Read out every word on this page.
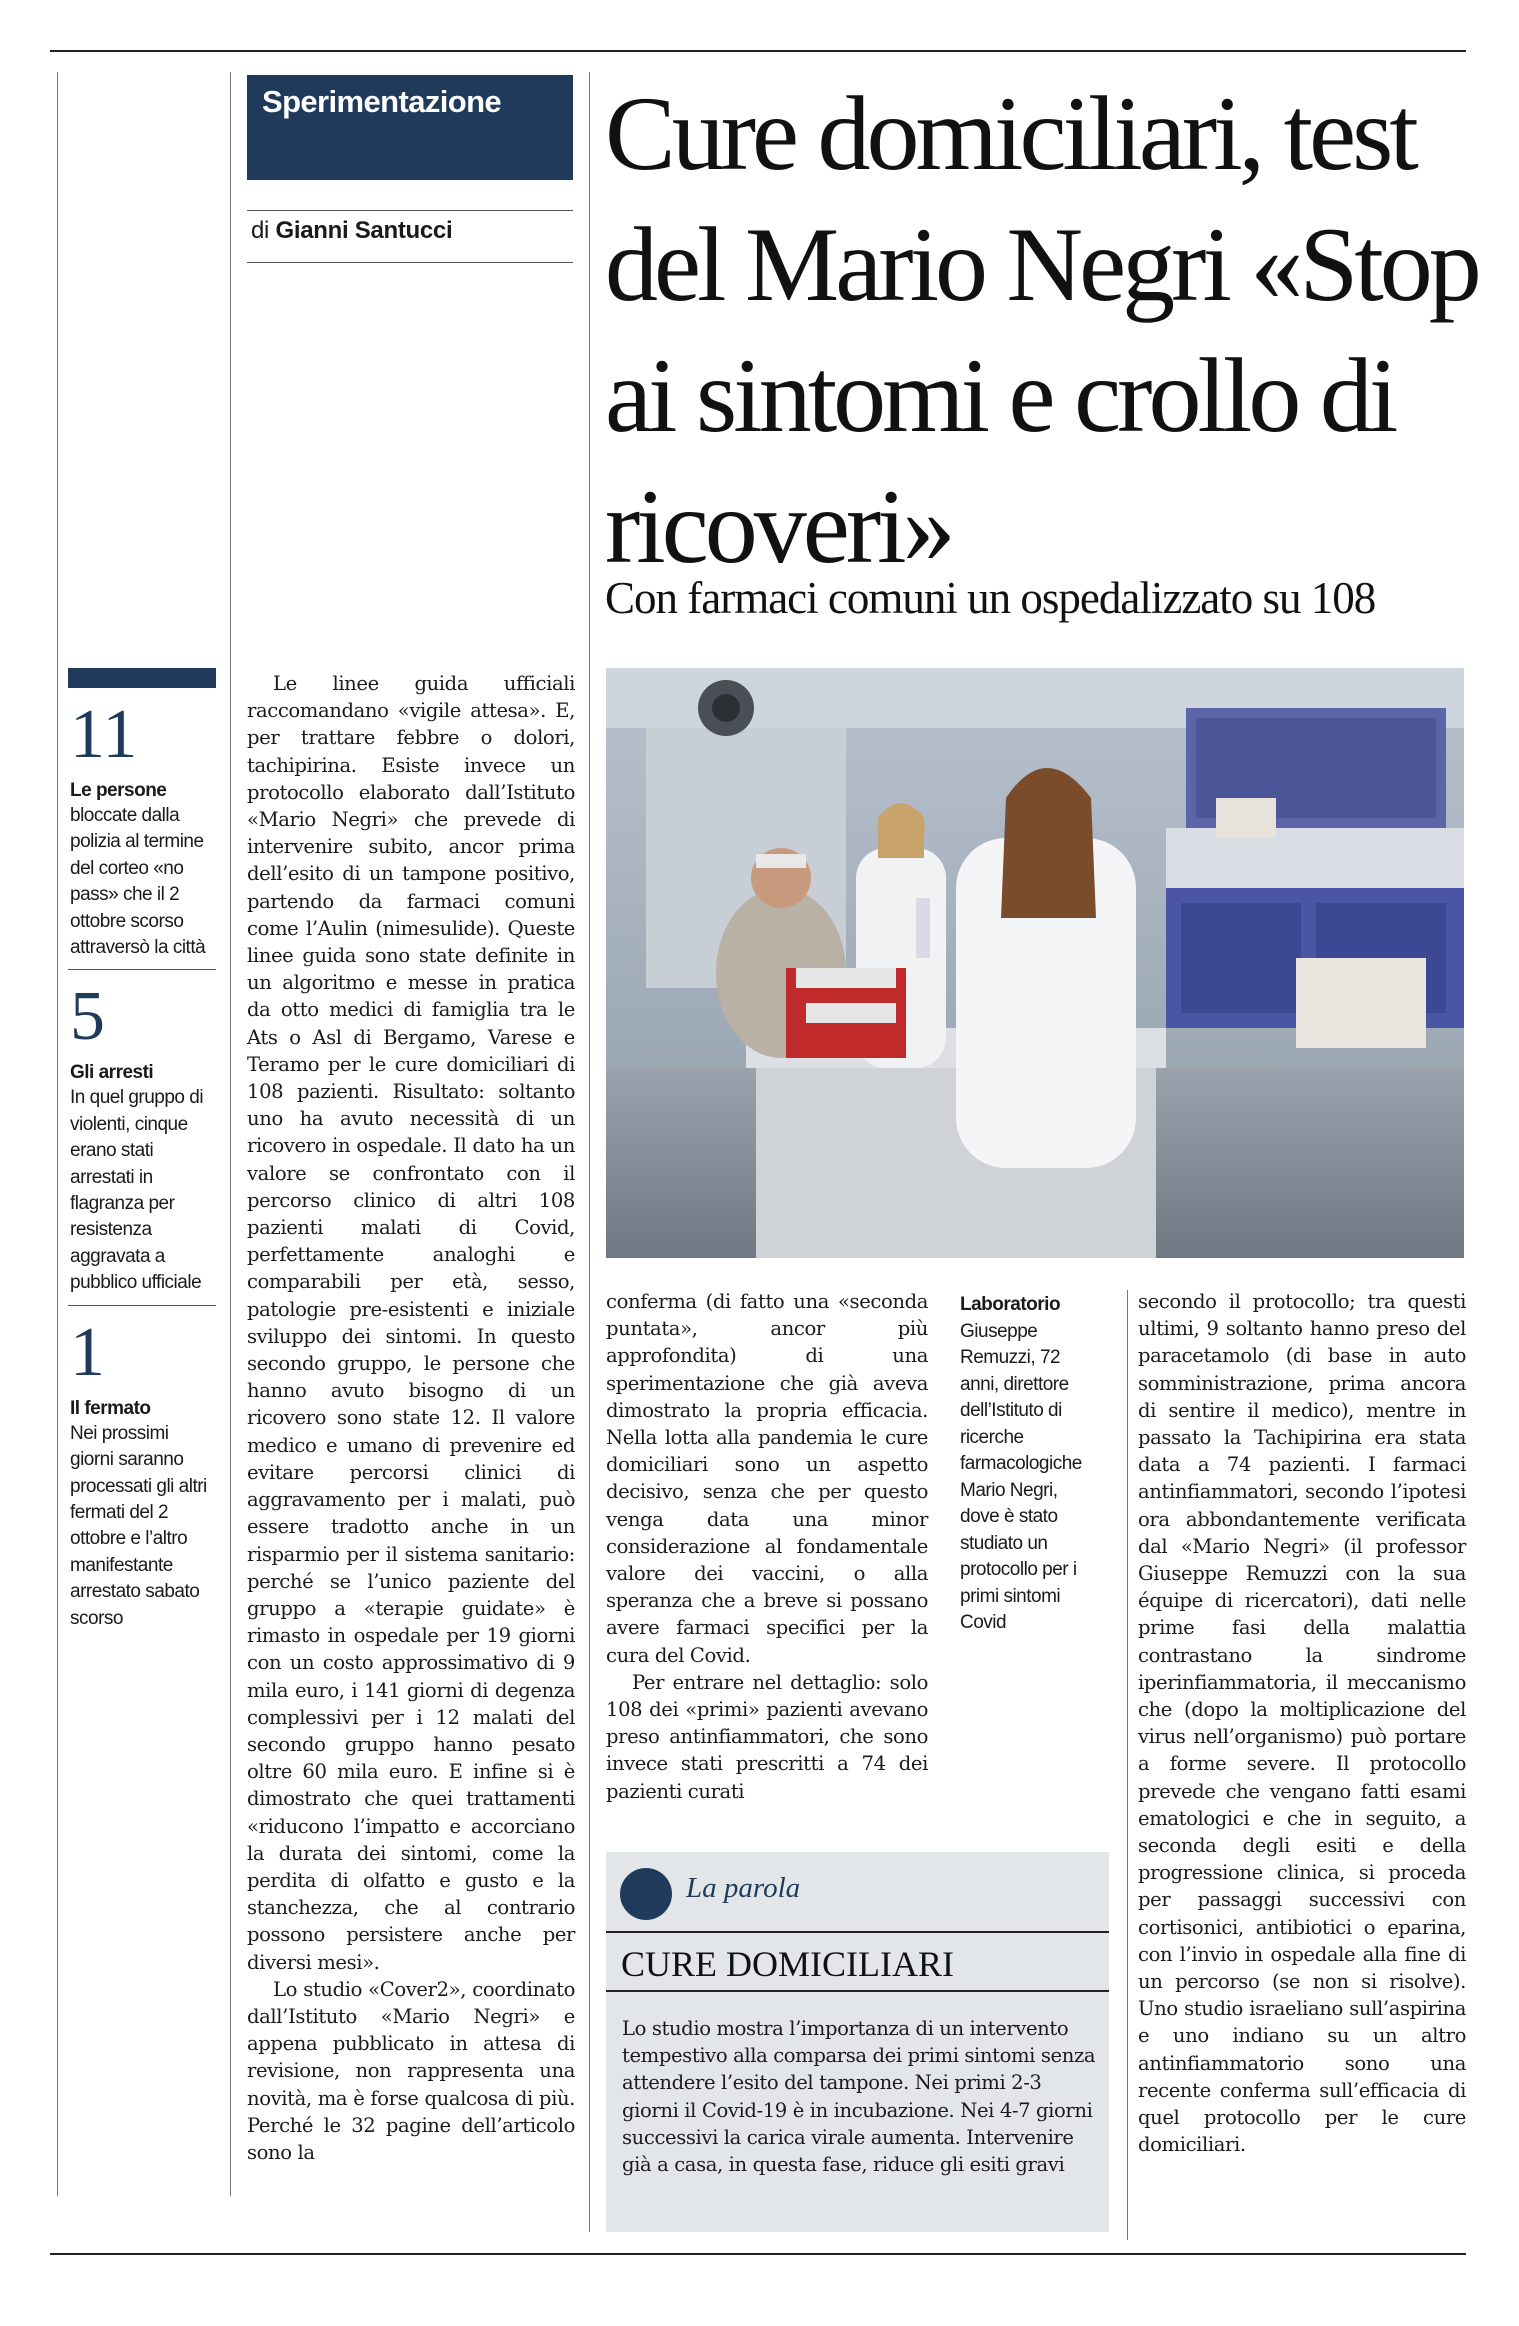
11
Le persone
bloccate dalla polizia al termine del corteo «no pass» che il 2 ottobre scorso attraversò la città
5
Gli arresti
In quel gruppo di violenti, cinque erano stati arrestati in flagranza per resistenza aggravata a pubblico ufficiale
1
Il fermato
Nei prossimi giorni saranno processati gli altri fermati del 2 ottobre e l’altro manifestante arrestato sabato scorso
Sperimentazione
di Gianni Santucci
Cure domiciliari, test del Mario Negri «Stop ai sintomi e crollo di ricoveri»
Con farmaci comuni un ospedalizzato su 108

Le linee guida ufficiali raccomandano «vigile attesa». E, per trattare febbre o dolori, tachipirina. Esiste invece un protocollo elaborato dall’Istituto «Mario Negri» che prevede di intervenire subito, ancor prima dell’esito di un tampone positivo, partendo da farmaci comuni come l’Aulin (nimesulide). Queste linee guida sono state definite in un algoritmo e messe in pratica da otto medici di famiglia tra le Ats o Asl di Bergamo, Varese e Teramo per le cure domiciliari di 108 pazienti. Risultato: soltanto uno ha avuto necessità di un ricovero in ospedale. Il dato ha un valore se confrontato con il percorso clinico di altri 108 pazienti malati di Covid, perfettamente analoghi e comparabili per età, sesso, patologie pre-esistenti e iniziale sviluppo dei sintomi. In questo secondo gruppo, le persone che hanno avuto bisogno di un ricovero sono state 12. Il valore medico e umano di prevenire ed evitare percorsi clinici di aggravamento per i malati, può essere tradotto anche in un risparmio per il sistema sanitario: perché se l’unico paziente del gruppo a «terapie guidate» è rimasto in ospedale per 19 giorni con un costo approssimativo di 9 mila euro, i 141 giorni di degenza complessivi per i 12 malati del secondo gruppo hanno pesato oltre 60 mila euro. E infine si è dimostrato che quei trattamenti «riducono l’impatto e accorciano la durata dei sintomi, come la perdita di olfatto e gusto e la stanchezza, che al contrario possono persistere anche per diversi mesi».

Lo studio «Cover2», coordinato dall’Istituto «Mario Negri» e appena pubblicato in attesa di revisione, non rappresenta una novità, ma è forse qualcosa di più. Perché le 32 pagine dell’articolo sono la

conferma (di fatto una «seconda puntata», ancor più approfondita) di una sperimentazione che già aveva dimostrato la propria efficacia. Nella lotta alla pandemia le cure domiciliari sono un aspetto decisivo, senza che per questo venga data una minor considerazione al fondamentale valore dei vaccini, o alla speranza che a breve si possano avere farmaci specifici per la cura del Covid.

Per entrare nel dettaglio: solo 108 dei «primi» pazienti avevano preso antinfiammatori, che sono invece stati prescritti a 74 dei pazienti curati

Laboratorio
Giuseppe Remuzzi, 72 anni, direttore dell’Istituto di ricerche farmacologiche Mario Negri, dove è stato studiato un protocollo per i primi sintomi Covid

secondo il protocollo; tra questi ultimi, 9 soltanto hanno preso del paracetamolo (di base in auto somministrazione, prima ancora di sentire il medico), mentre in passato la Tachipirina era stata data a 74 pazienti. I farmaci antinfiammatori, secondo l’ipotesi ora abbondantemente verificata dal «Mario Negri» (il professor Giuseppe Remuzzi con la sua équipe di ricercatori), dati nelle prime fasi della malattia contrastano la sindrome iperinfiammatoria, il meccanismo che (dopo la moltiplicazione del virus nell’organismo) può portare a forme severe. Il protocollo prevede che vengano fatti esami ematologici e che in seguito, a seconda degli esiti e della progressione clinica, si proceda per passaggi successivi con cortisonici, antibiotici o eparina, con l’invio in ospedale alla fine di un percorso (se non si risolve). Uno studio israeliano sull’aspirina e uno indiano su un altro antinfiammatorio sono una recente conferma sull’efficacia di quel protocollo per le cure domiciliari.

La parola
CURE DOMICILIARI
Lo studio mostra l’importanza di un intervento tempestivo alla comparsa dei primi sintomi senza attendere l’esito del tampone. Nei primi 2-3 giorni il Covid-19 è in incubazione. Nei 4-7 giorni successivi la carica virale aumenta. Intervenire già a casa, in questa fase, riduce gli esiti gravi
